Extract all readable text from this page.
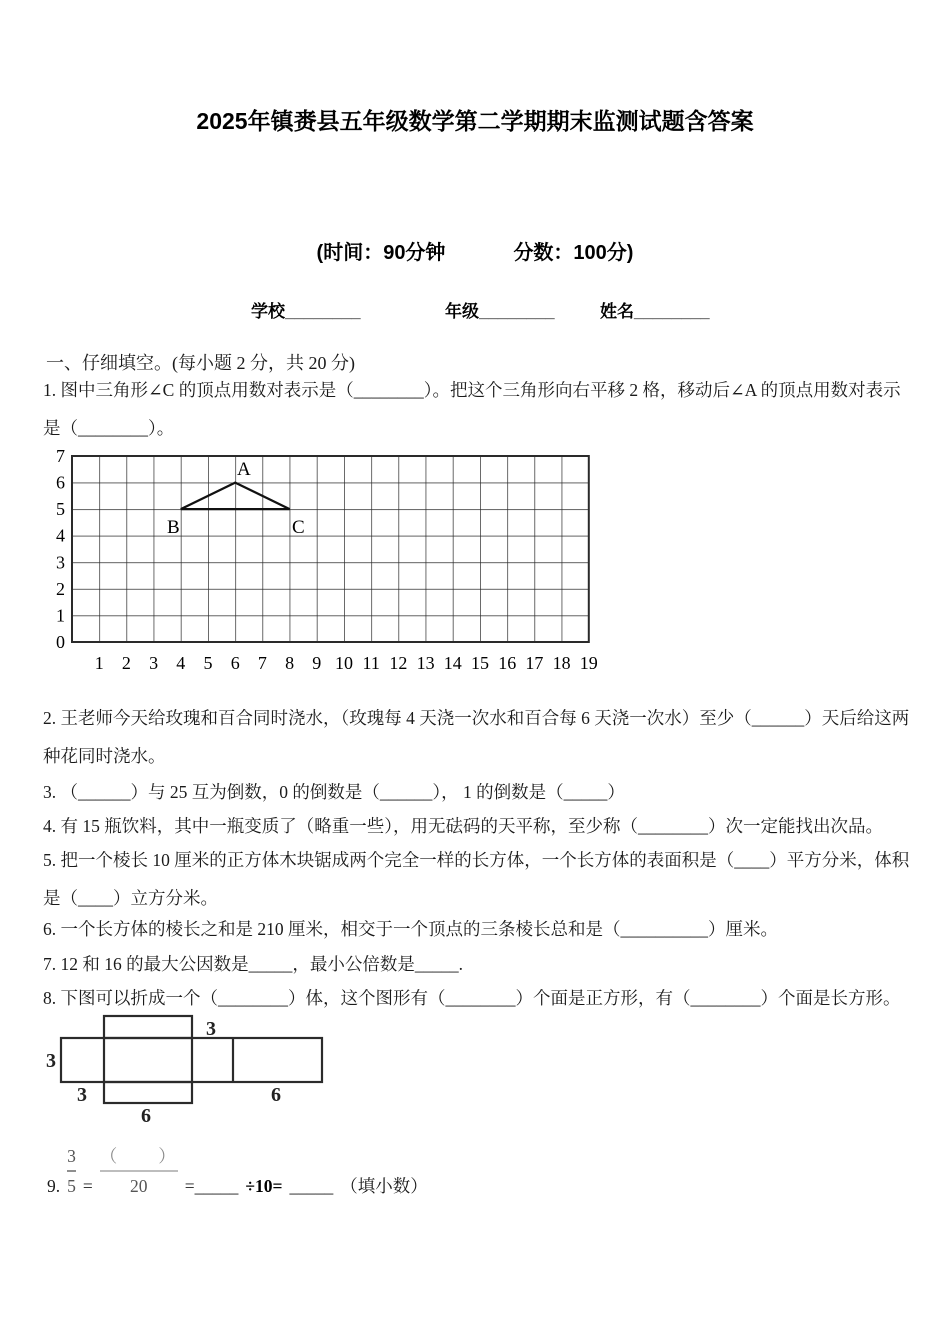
2025年镇赉县五年级数学第二学期期末监测试题含答案
(时间：90分钟	分数：100分)
学校________	年级________	姓名________
一、仔细填空。(每小题 2 分，共 20 分)

1. 图中三角形∠C 的顶点用数对表示是（________）。把这个三角形向右平移 2 格，移动后∠A 的顶点用数对表示是（________）。

A
B	C
7
6
5
4
3
2
1
0
1 2 3 4 5 6 7 8 9 10 11 12 13 14 15 16 17 18 19

2. 王老师今天给玫瑰和百合同时浇水，（玫瑰每 4 天浇一次水和百合每 6 天浇一次水）至少（______）天后给这两种花同时浇水。

3. （______）与 25 互为倒数，0 的倒数是（______）， 1 的倒数是（_____）

4. 有 15 瓶饮料，其中一瓶变质了（略重一些），用无砝码的天平称，至少称（________）次一定能找出次品。

5. 把一个棱长 10 厘米的正方体木块锯成两个完全一样的长方体，一个长方体的表面积是（____）平方分米，体积是（____）立方分米。

6. 一个长方体的棱长之和是 210 厘米，相交于一个顶点的三条棱长总和是（__________）厘米。

7. 12 和 16 的最大公因数是_____，最小公倍数是_____.

8. 下图可以折成一个（________）体，这个图形有（________）个面是正方形，有（________）个面是长方形。

3
3
3
6
6
9. $\frac{3}{5} = \frac{( )}{20}$ =_____ ÷10= _____ （填小数）
